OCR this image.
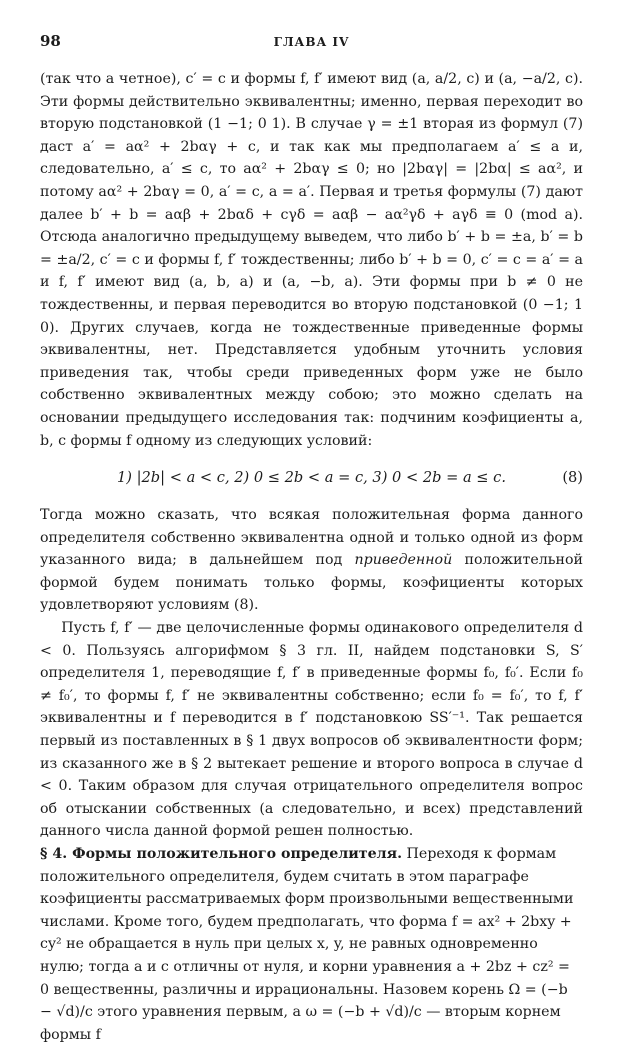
98	ГЛАВА IV

(так что a четное), c′ = c и формы f, f′ имеют вид (a, a/2, c) и (a, −a/2, c). Эти формы действительно эквивалентны; именно, первая переходит во вторую подстановкой (1 −1; 0 1). В случае γ = ±1 вторая из формул (7) даст a′ = aα² + 2bαγ + c, и так как мы предполагаем a′ ≤ a и, следовательно, a′ ≤ c, то aα² + 2bαγ ≤ 0; но |2bαγ| = |2bα| ≤ aα², и потому aα² + 2bαγ = 0, a′ = c, a = a′. Первая и третья формулы (7) дают далее b′ + b = aαβ + 2bαδ + cγδ = aαβ − aα²γδ + aγδ ≡ 0 (mod a). Отсюда аналогично предыдущему выведем, что либо b′ + b = ±a, b′ = b = ±a/2, c′ = c и формы f, f′ тождественны; либо b′ + b = 0, c′ = c = a′ = a и f, f′ имеют вид (a, b, a) и (a, −b, a). Эти формы при b ≠ 0 не тождественны, и первая переводится во вторую подстановкой (0 −1; 1 0). Других случаев, когда не тождественные приведенные формы эквивалентны, нет. Представляется удобным уточнить условия приведения так, чтобы среди приведенных форм уже не было собственно эквивалентных между собою; это можно сделать на основании предыдущего исследования так: подчиним коэфициенты a, b, c формы f одному из следующих условий:

1) |2b| < a < c, 2) 0 ≤ 2b < a = c, 3) 0 < 2b = a ≤ c.	(8)

Тогда можно сказать, что всякая положительная форма данного определителя собственно эквивалентна одной и только одной из форм указанного вида; в дальнейшем под приведенной положительной формой будем понимать только формы, коэфициенты которых удовлетворяют условиям (8).

Пусть f, f′ — две целочисленные формы одинакового определителя d < 0. Пользуясь алгорифмом § 3 гл. II, найдем подстановки S, S′ определителя 1, переводящие f, f′ в приведенные формы f₀, f₀′. Если f₀ ≠ f₀′, то формы f, f′ не эквивалентны собственно; если f₀ = f₀′, то f, f′ эквивалентны и f переводится в f′ подстановкою SS′⁻¹. Так решается первый из поставленных в § 1 двух вопросов об эквивалентности форм; из сказанного же в § 2 вытекает решение и второго вопроса в случае d < 0. Таким образом для случая отрицательного определителя вопрос об отыскании собственных (а следовательно, и всех) представлений данного числа данной формой решен полностью.

§ 4. Формы положительного определителя. Переходя к формам положительного определителя, будем считать в этом параграфе коэфициенты рассматриваемых форм произвольными вещественными числами. Кроме того, будем предполагать, что форма f = ax² + 2bxy + cy² не обращается в нуль при целых x, y, не равных одновременно нулю; тогда a и c отличны от нуля, и корни уравнения a + 2bz + cz² = 0 вещественны, различны и иррациональны. Назовем корень Ω = (−b − √d)/c этого уравнения первым, а ω = (−b + √d)/c — вторым корнем формы f
